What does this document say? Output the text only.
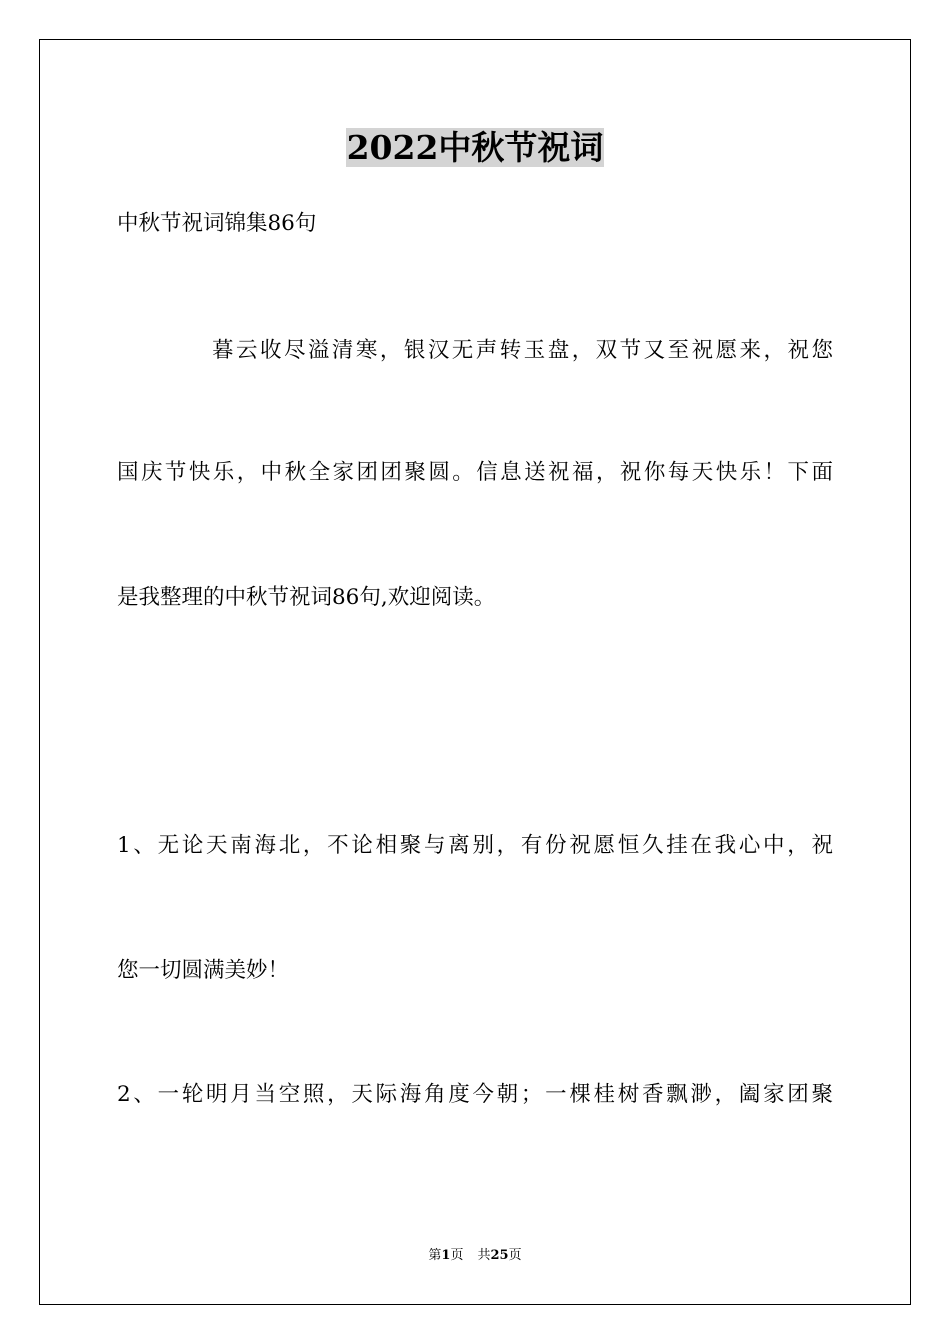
2022中秋节祝词
中秋节祝词锦集86句
暮云收尽溢清寒，银汉无声转玉盘，双节又至祝愿来，祝您
国庆节快乐，中秋全家团团聚圆。信息送祝福，祝你每天快乐！下面
是我整理的中秋节祝词86句,欢迎阅读。
1、无论天南海北，不论相聚与离别，有份祝愿恒久挂在我心中，祝
您一切圆满美妙！
2、一轮明月当空照，天际海角度今朝；一棵桂树香飘渺，阖家团聚
第1页 共25页
